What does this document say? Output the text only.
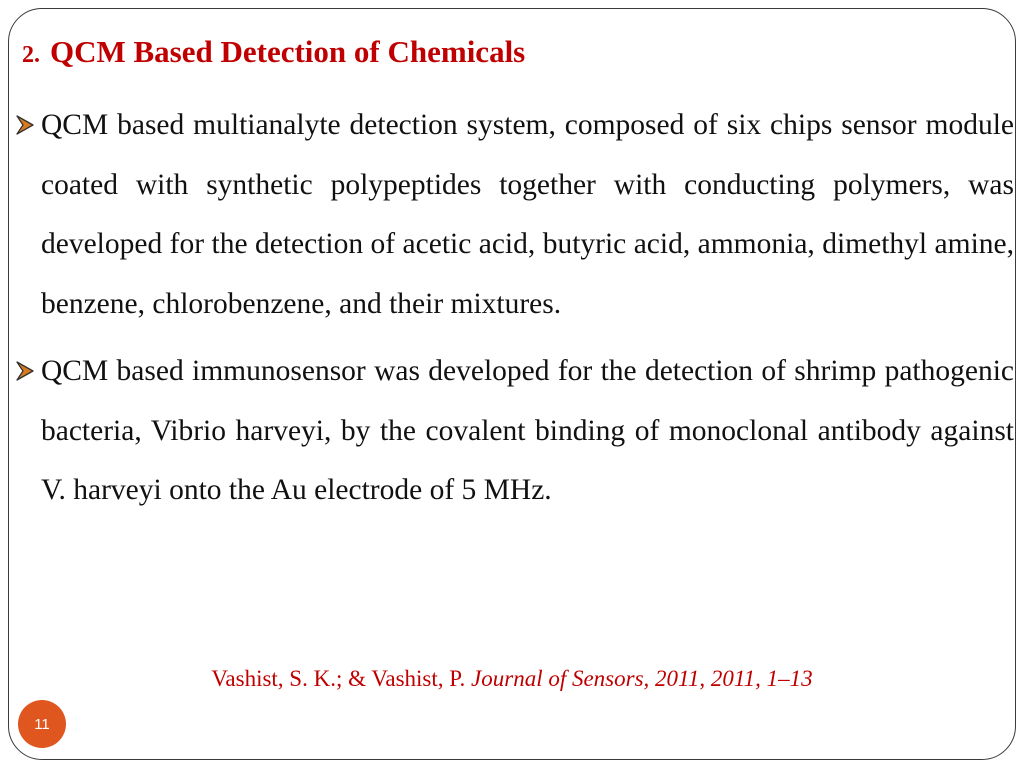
2. QCM Based Detection of Chemicals

QCM based multianalyte detection system, composed of six chips sensor module coated with synthetic polypeptides together with conducting polymers, was developed for the detection of acetic acid, butyric acid, ammonia, dimethyl amine, benzene, chlorobenzene, and their mixtures.

QCM based immunosensor was developed for the detection of shrimp pathogenic bacteria, Vibrio harveyi, by the covalent binding of monoclonal antibody against V. harveyi onto the Au electrode of 5 MHz.

Vashist, S. K.; & Vashist, P. Journal of Sensors, 2011, 2011, 1–13
11
